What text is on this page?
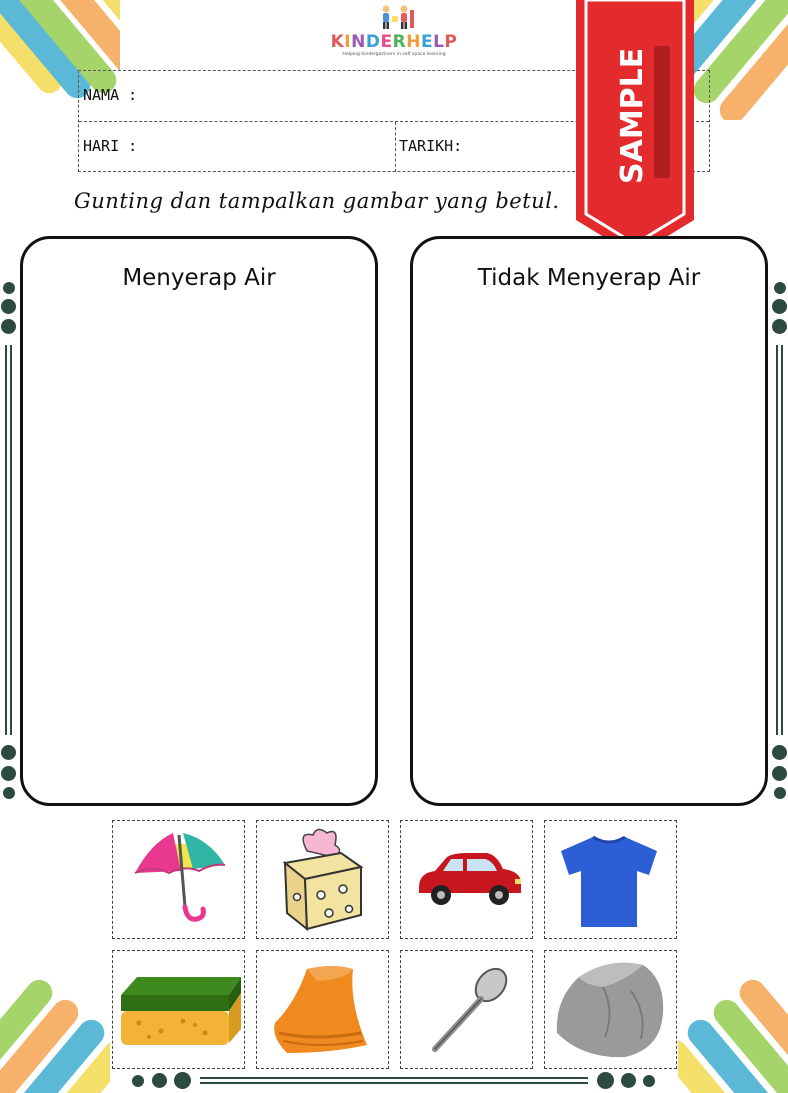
KINDERHELP
Helping kindergartners in self space learning
NAMA :
HARI :	TARIKH:
Gunting dan tampalkan gambar yang betul.
SAMPLE
Menyerap Air	Tidak Menyerap Air
